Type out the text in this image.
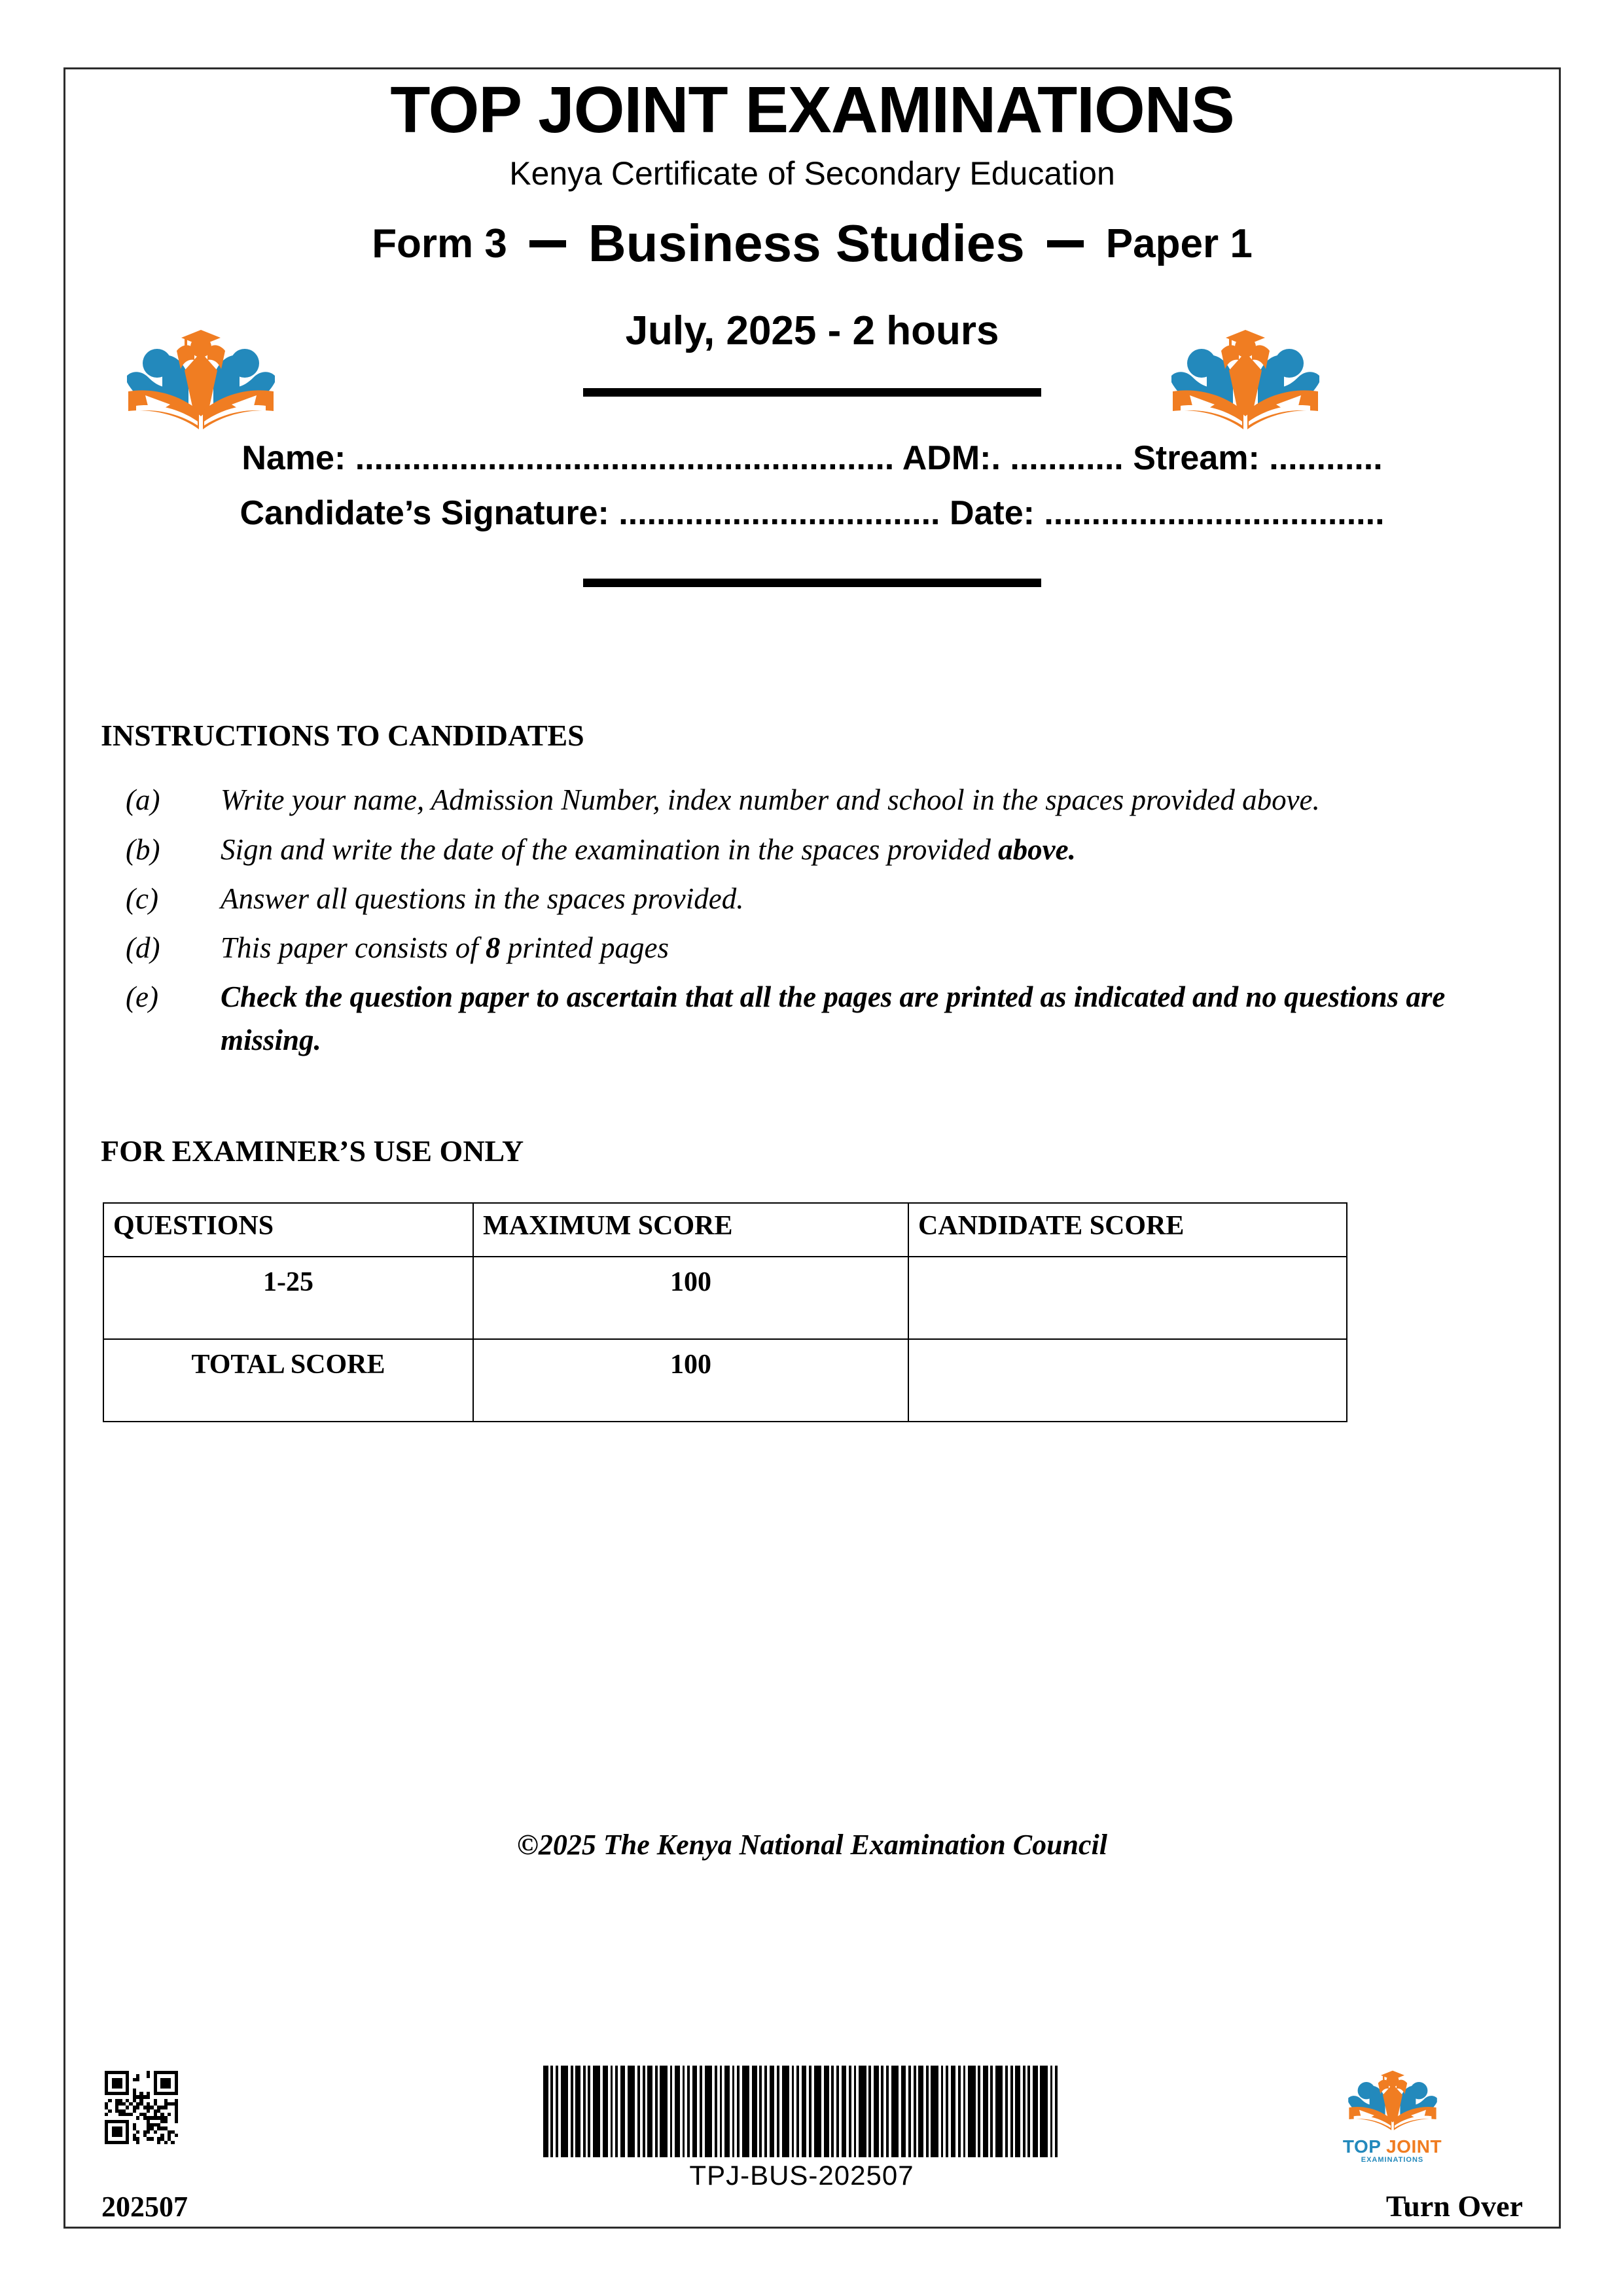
TOP JOINT EXAMINATIONS
Kenya Certificate of Secondary Education
Form 3 Business Studies Paper 1
July, 2025 - 2 hours
Name: ......................................................... ADM:. ............ Stream: ............
Candidate’s Signature: .................................. Date: ....................................
INSTRUCTIONS TO CANDIDATES
(a)	Write your name, Admission Number, index number and school in the spaces provided above.
(b)	Sign and write the date of the examination in the spaces provided above.
(c)	Answer all questions in the spaces provided.
(d)	This paper consists of 8 printed pages
(e)	Check the question paper to ascertain that all the pages are printed as indicated and no questions are missing.
FOR EXAMINER’S USE ONLY
QUESTIONS	MAXIMUM SCORE	CANDIDATE SCORE
1-25	100	
TOTAL SCORE	100	
©2025 The Kenya National Examination Council
TPJ-BUS-202507
TOP JOINT
EXAMINATIONS
202507	Turn Over
